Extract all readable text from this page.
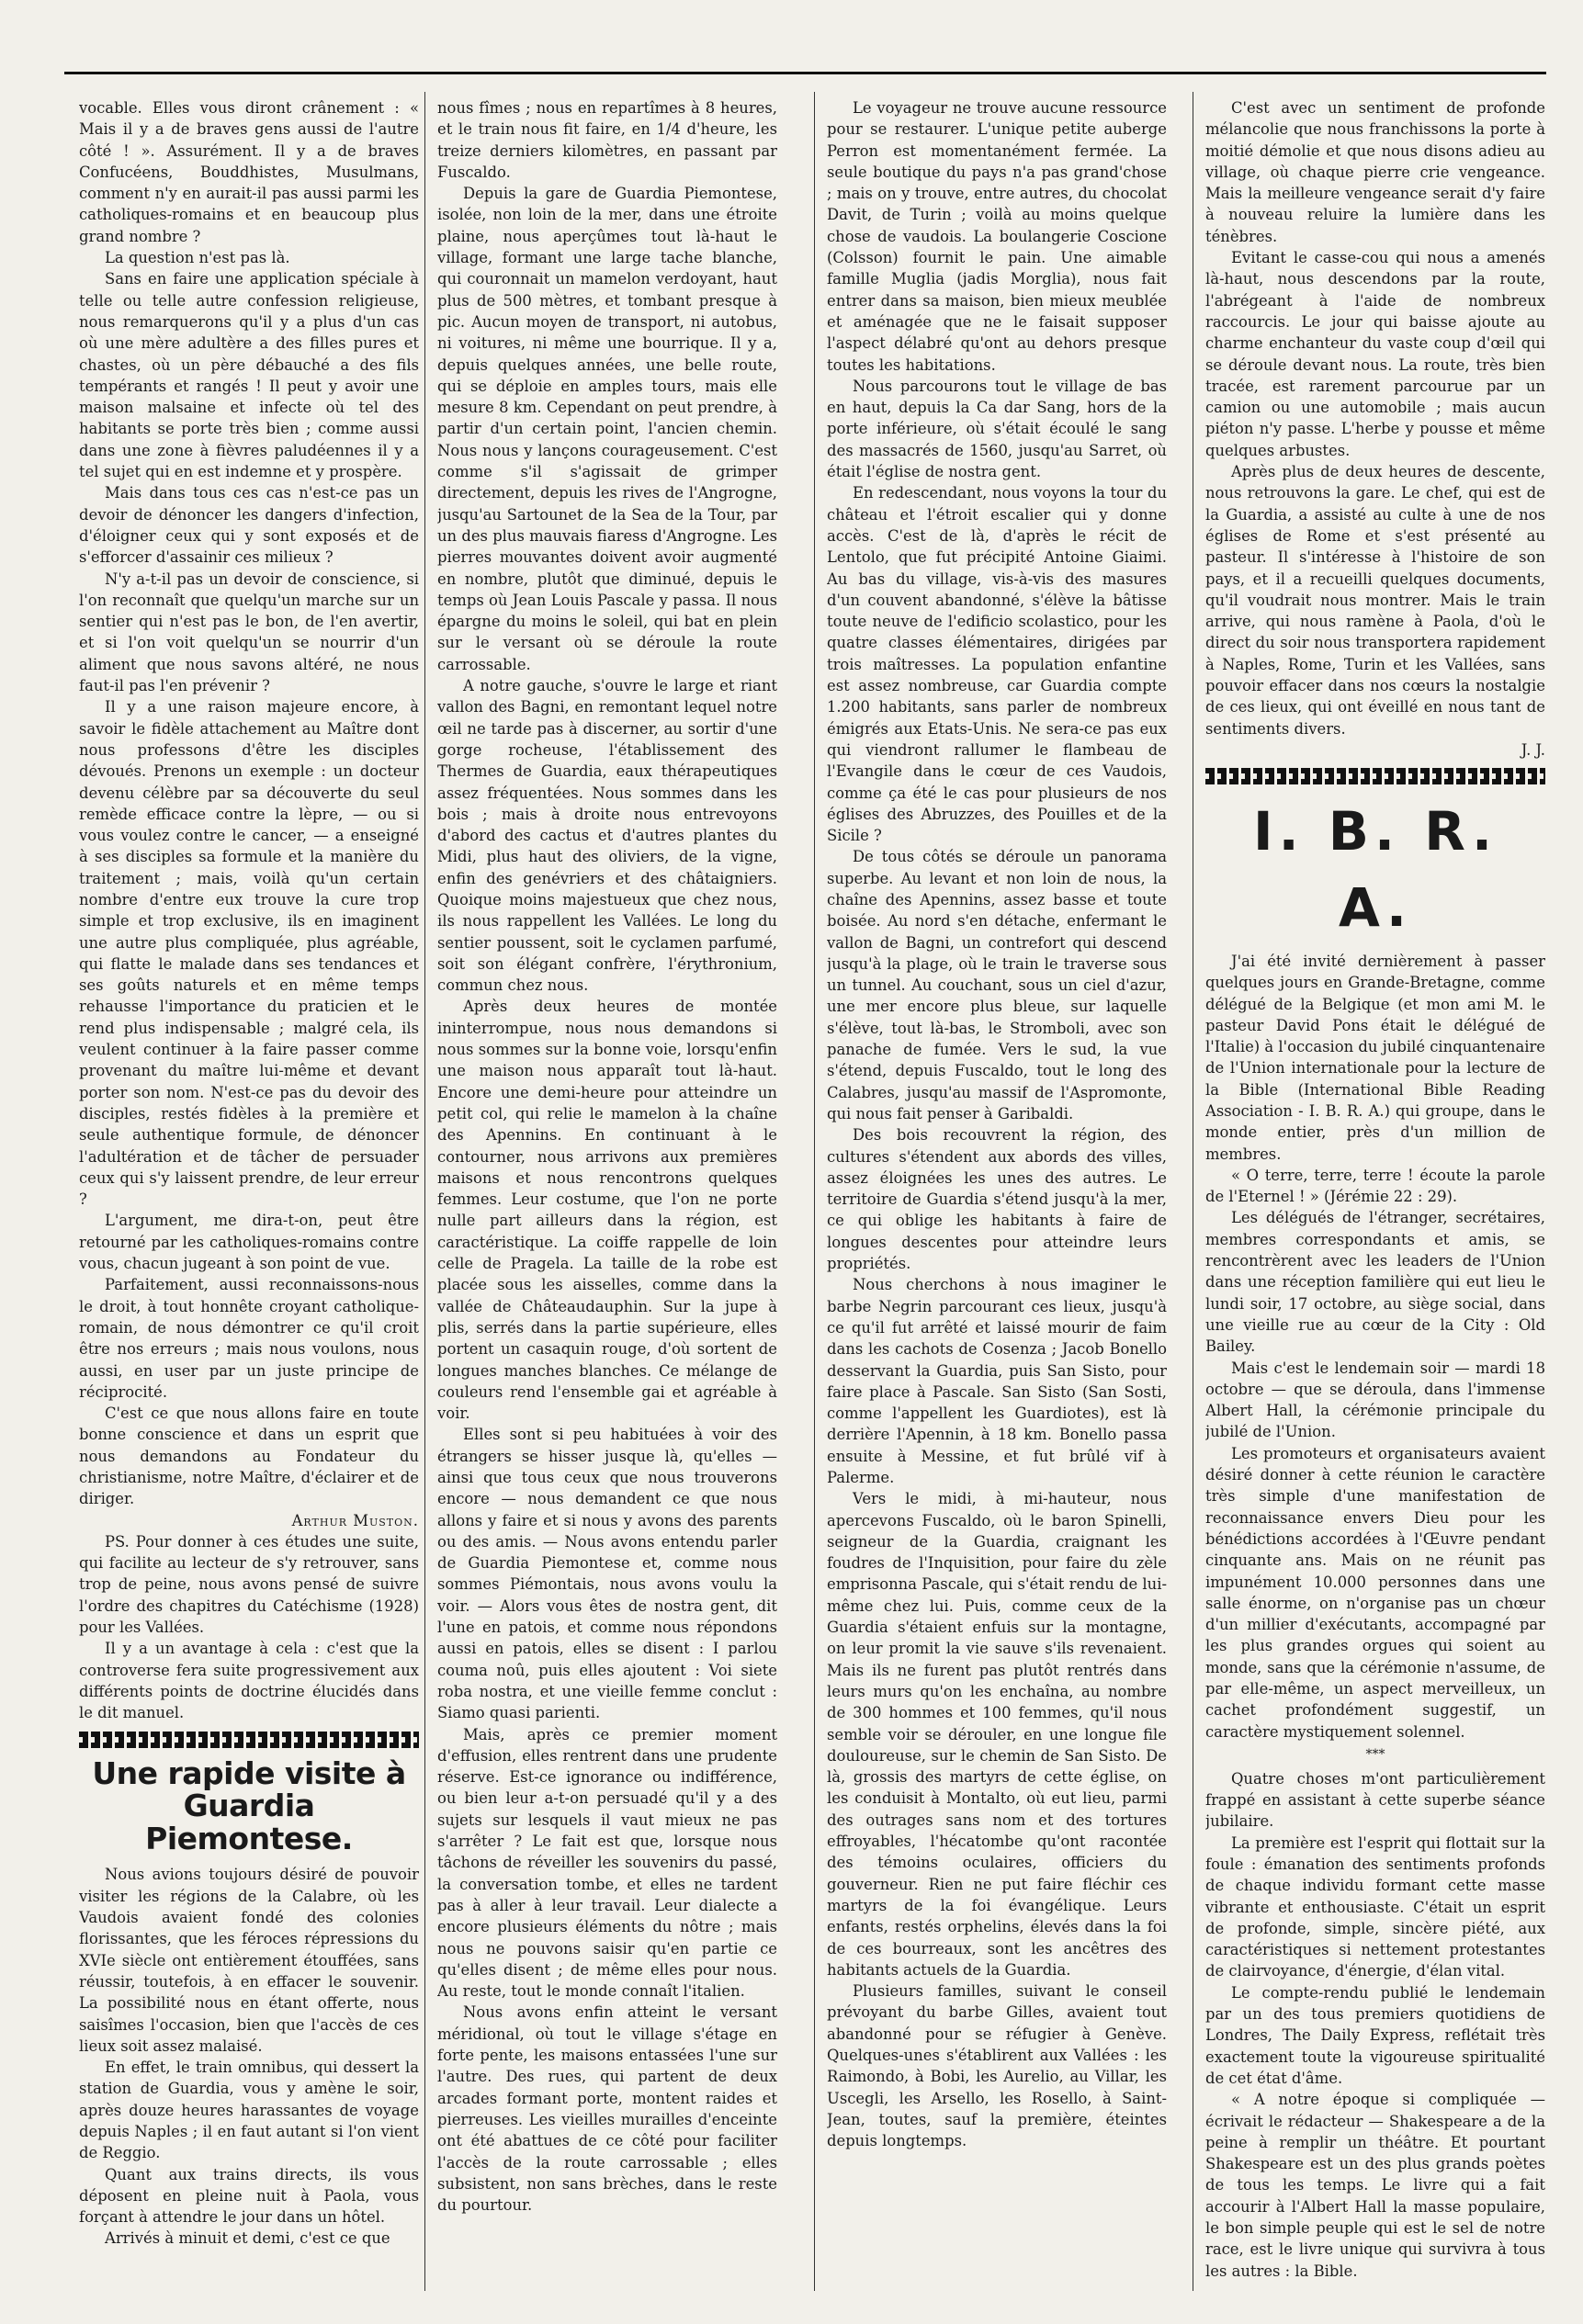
vocable. Elles vous diront crânement : « Mais il y a de braves gens aussi de l'autre côté ! ». Assurément. Il y a de braves Confucéens, Bouddhistes, Musulmans, comment n'y en aurait-il pas aussi parmi les catholiques-romains et en beaucoup plus grand nombre ?

La question n'est pas là.

Sans en faire une application spéciale à telle ou telle autre confession religieuse, nous remarquerons qu'il y a plus d'un cas où une mère adultère a des filles pures et chastes, où un père débauché a des fils tempérants et rangés ! Il peut y avoir une maison malsaine et infecte où tel des habitants se porte très bien ; comme aussi dans une zone à fièvres paludéennes il y a tel sujet qui en est indemne et y prospère.

Mais dans tous ces cas n'est-ce pas un devoir de dénoncer les dangers d'infection, d'éloigner ceux qui y sont exposés et de s'efforcer d'assainir ces milieux ?

N'y a-t-il pas un devoir de conscience, si l'on reconnaît que quelqu'un marche sur un sentier qui n'est pas le bon, de l'en avertir, et si l'on voit quelqu'un se nourrir d'un aliment que nous savons altéré, ne nous faut-il pas l'en prévenir ?

Il y a une raison majeure encore, à savoir le fidèle attachement au Maître dont nous professons d'être les disciples dévoués. Prenons un exemple : un docteur devenu célèbre par sa découverte du seul remède efficace contre la lèpre, — ou si vous voulez contre le cancer, — a enseigné à ses disciples sa formule et la manière du traitement ; mais, voilà qu'un certain nombre d'entre eux trouve la cure trop simple et trop exclusive, ils en imaginent une autre plus compliquée, plus agréable, qui flatte le malade dans ses tendances et ses goûts naturels et en même temps rehausse l'importance du praticien et le rend plus indispensable ; malgré cela, ils veulent continuer à la faire passer comme provenant du maître lui-même et devant porter son nom. N'est-ce pas du devoir des disciples, restés fidèles à la première et seule authentique formule, de dénoncer l'adultération et de tâcher de persuader ceux qui s'y laissent prendre, de leur erreur ?

L'argument, me dira-t-on, peut être retourné par les catholiques-romains contre vous, chacun jugeant à son point de vue.

Parfaitement, aussi reconnaissons-nous le droit, à tout honnête croyant catholique-romain, de nous démontrer ce qu'il croit être nos erreurs ; mais nous voulons, nous aussi, en user par un juste principe de réciprocité.

C'est ce que nous allons faire en toute bonne conscience et dans un esprit que nous demandons au Fondateur du christianisme, notre Maître, d'éclairer et de diriger.

Arthur Muston.

PS. Pour donner à ces études une suite, qui facilite au lecteur de s'y retrouver, sans trop de peine, nous avons pensé de suivre l'ordre des chapitres du Catéchisme (1928) pour les Vallées.

Il y a un avantage à cela : c'est que la controverse fera suite progressivement aux différents points de doctrine élucidés dans le dit manuel.

Une rapide visite à Guardia Piemontese.

Nous avions toujours désiré de pouvoir visiter les régions de la Calabre, où les Vaudois avaient fondé des colonies florissantes, que les féroces répressions du XVIe siècle ont entièrement étouffées, sans réussir, toutefois, à en effacer le souvenir. La possibilité nous en étant offerte, nous saisîmes l'occasion, bien que l'accès de ces lieux soit assez malaisé.

En effet, le train omnibus, qui dessert la station de Guardia, vous y amène le soir, après douze heures harassantes de voyage depuis Naples ; il en faut autant si l'on vient de Reggio.

Quant aux trains directs, ils vous déposent en pleine nuit à Paola, vous forçant à attendre le jour dans un hôtel.

Arrivés à minuit et demi, c'est ce que

nous fîmes ; nous en repartîmes à 8 heures, et le train nous fit faire, en 1/4 d'heure, les treize derniers kilomètres, en passant par Fuscaldo.

Depuis la gare de Guardia Piemontese, isolée, non loin de la mer, dans une étroite plaine, nous aperçûmes tout là-haut le village, formant une large tache blanche, qui couronnait un mamelon verdoyant, haut plus de 500 mètres, et tombant presque à pic. Aucun moyen de transport, ni autobus, ni voitures, ni même une bourrique. Il y a, depuis quelques années, une belle route, qui se déploie en amples tours, mais elle mesure 8 km. Cependant on peut prendre, à partir d'un certain point, l'ancien chemin. Nous nous y lançons courageusement. C'est comme s'il s'agissait de grimper directement, depuis les rives de l'Angrogne, jusqu'au Sartounet de la Sea de la Tour, par un des plus mauvais fiaress d'Angrogne. Les pierres mouvantes doivent avoir augmenté en nombre, plutôt que diminué, depuis le temps où Jean Louis Pascale y passa. Il nous épargne du moins le soleil, qui bat en plein sur le versant où se déroule la route carrossable.

A notre gauche, s'ouvre le large et riant vallon des Bagni, en remontant lequel notre œil ne tarde pas à discerner, au sortir d'une gorge rocheuse, l'établissement des Thermes de Guardia, eaux thérapeutiques assez fréquentées. Nous sommes dans les bois ; mais à droite nous entrevoyons d'abord des cactus et d'autres plantes du Midi, plus haut des oliviers, de la vigne, enfin des genévriers et des châtaigniers. Quoique moins majestueux que chez nous, ils nous rappellent les Vallées. Le long du sentier poussent, soit le cyclamen parfumé, soit son élégant confrère, l'érythronium, commun chez nous.

Après deux heures de montée ininterrompue, nous nous demandons si nous sommes sur la bonne voie, lorsqu'enfin une maison nous apparaît tout là-haut. Encore une demi-heure pour atteindre un petit col, qui relie le mamelon à la chaîne des Apennins. En continuant à le contourner, nous arrivons aux premières maisons et nous rencontrons quelques femmes. Leur costume, que l'on ne porte nulle part ailleurs dans la région, est caractéristique. La coiffe rappelle de loin celle de Pragela. La taille de la robe est placée sous les aisselles, comme dans la vallée de Châteaudauphin. Sur la jupe à plis, serrés dans la partie supérieure, elles portent un casaquin rouge, d'où sortent de longues manches blanches. Ce mélange de couleurs rend l'ensemble gai et agréable à voir.

Elles sont si peu habituées à voir des étrangers se hisser jusque là, qu'elles — ainsi que tous ceux que nous trouverons encore — nous demandent ce que nous allons y faire et si nous y avons des parents ou des amis. — Nous avons entendu parler de Guardia Piemontese et, comme nous sommes Piémontais, nous avons voulu la voir. — Alors vous êtes de nostra gent, dit l'une en patois, et comme nous répondons aussi en patois, elles se disent : I parlou couma noû, puis elles ajoutent : Voi siete roba nostra, et une vieille femme conclut : Siamo quasi parienti.

Mais, après ce premier moment d'effusion, elles rentrent dans une prudente réserve. Est-ce ignorance ou indifférence, ou bien leur a-t-on persuadé qu'il y a des sujets sur lesquels il vaut mieux ne pas s'arrêter ? Le fait est que, lorsque nous tâchons de réveiller les souvenirs du passé, la conversation tombe, et elles ne tardent pas à aller à leur travail. Leur dialecte a encore plusieurs éléments du nôtre ; mais nous ne pouvons saisir qu'en partie ce qu'elles disent ; de même elles pour nous. Au reste, tout le monde connaît l'italien.

Nous avons enfin atteint le versant méridional, où tout le village s'étage en forte pente, les maisons entassées l'une sur l'autre. Des rues, qui partent de deux arcades formant porte, montent raides et pierreuses. Les vieilles murailles d'enceinte ont été abattues de ce côté pour faciliter l'accès de la route carrossable ; elles subsistent, non sans brèches, dans le reste du pourtour.

Le voyageur ne trouve aucune ressource pour se restaurer. L'unique petite auberge Perron est momentanément fermée. La seule boutique du pays n'a pas grand'chose ; mais on y trouve, entre autres, du chocolat Davit, de Turin ; voilà au moins quelque chose de vaudois. La boulangerie Coscione (Colsson) fournit le pain. Une aimable famille Muglia (jadis Morglia), nous fait entrer dans sa maison, bien mieux meublée et aménagée que ne le faisait supposer l'aspect délabré qu'ont au dehors presque toutes les habitations.

Nous parcourons tout le village de bas en haut, depuis la Ca dar Sang, hors de la porte inférieure, où s'était écoulé le sang des massacrés de 1560, jusqu'au Sarret, où était l'église de nostra gent.

En redescendant, nous voyons la tour du château et l'étroit escalier qui y donne accès. C'est de là, d'après le récit de Lentolo, que fut précipité Antoine Giaimi. Au bas du village, vis-à-vis des masures d'un couvent abandonné, s'élève la bâtisse toute neuve de l'edificio scolastico, pour les quatre classes élémentaires, dirigées par trois maîtresses. La population enfantine est assez nombreuse, car Guardia compte 1.200 habitants, sans parler de nombreux émigrés aux Etats-Unis. Ne sera-ce pas eux qui viendront rallumer le flambeau de l'Evangile dans le cœur de ces Vaudois, comme ça été le cas pour plusieurs de nos églises des Abruzzes, des Pouilles et de la Sicile ?

De tous côtés se déroule un panorama superbe. Au levant et non loin de nous, la chaîne des Apennins, assez basse et toute boisée. Au nord s'en détache, enfermant le vallon de Bagni, un contrefort qui descend jusqu'à la plage, où le train le traverse sous un tunnel. Au couchant, sous un ciel d'azur, une mer encore plus bleue, sur laquelle s'élève, tout là-bas, le Stromboli, avec son panache de fumée. Vers le sud, la vue s'étend, depuis Fuscaldo, tout le long des Calabres, jusqu'au massif de l'Aspromonte, qui nous fait penser à Garibaldi.

Des bois recouvrent la région, des cultures s'étendent aux abords des villes, assez éloignées les unes des autres. Le territoire de Guardia s'étend jusqu'à la mer, ce qui oblige les habitants à faire de longues descentes pour atteindre leurs propriétés.

Nous cherchons à nous imaginer le barbe Negrin parcourant ces lieux, jusqu'à ce qu'il fut arrêté et laissé mourir de faim dans les cachots de Cosenza ; Jacob Bonello desservant la Guardia, puis San Sisto, pour faire place à Pascale. San Sisto (San Sosti, comme l'appellent les Guardiotes), est là derrière l'Apennin, à 18 km. Bonello passa ensuite à Messine, et fut brûlé vif à Palerme.

Vers le midi, à mi-hauteur, nous apercevons Fuscaldo, où le baron Spinelli, seigneur de la Guardia, craignant les foudres de l'Inquisition, pour faire du zèle emprisonna Pascale, qui s'était rendu de lui-même chez lui. Puis, comme ceux de la Guardia s'étaient enfuis sur la montagne, on leur promit la vie sauve s'ils revenaient. Mais ils ne furent pas plutôt rentrés dans leurs murs qu'on les enchaîna, au nombre de 300 hommes et 100 femmes, qu'il nous semble voir se dérouler, en une longue file douloureuse, sur le chemin de San Sisto. De là, grossis des martyrs de cette église, on les conduisit à Montalto, où eut lieu, parmi des outrages sans nom et des tortures effroyables, l'hécatombe qu'ont racontée des témoins oculaires, officiers du gouverneur. Rien ne put faire fléchir ces martyrs de la foi évangélique. Leurs enfants, restés orphelins, élevés dans la foi de ces bourreaux, sont les ancêtres des habitants actuels de la Guardia.

Plusieurs familles, suivant le conseil prévoyant du barbe Gilles, avaient tout abandonné pour se réfugier à Genève. Quelques-unes s'établirent aux Vallées : les Raimondo, à Bobi, les Aurelio, au Villar, les Uscegli, les Arsello, les Rosello, à Saint-Jean, toutes, sauf la première, éteintes depuis longtemps.

C'est avec un sentiment de profonde mélancolie que nous franchissons la porte à moitié démolie et que nous disons adieu au village, où chaque pierre crie vengeance. Mais la meilleure vengeance serait d'y faire à nouveau reluire la lumière dans les ténèbres.

Evitant le casse-cou qui nous a amenés là-haut, nous descendons par la route, l'abrégeant à l'aide de nombreux raccourcis. Le jour qui baisse ajoute au charme enchanteur du vaste coup d'œil qui se déroule devant nous. La route, très bien tracée, est rarement parcourue par un camion ou une automobile ; mais aucun piéton n'y passe. L'herbe y pousse et même quelques arbustes.

Après plus de deux heures de descente, nous retrouvons la gare. Le chef, qui est de la Guardia, a assisté au culte à une de nos églises de Rome et s'est présenté au pasteur. Il s'intéresse à l'histoire de son pays, et il a recueilli quelques documents, qu'il voudrait nous montrer. Mais le train arrive, qui nous ramène à Paola, d'où le direct du soir nous transportera rapidement à Naples, Rome, Turin et les Vallées, sans pouvoir effacer dans nos cœurs la nostalgie de ces lieux, qui ont éveillé en nous tant de sentiments divers.

J. J.

I. B. R. A.

J'ai été invité dernièrement à passer quelques jours en Grande-Bretagne, comme délégué de la Belgique (et mon ami M. le pasteur David Pons était le délégué de l'Italie) à l'occasion du jubilé cinquantenaire de l'Union internationale pour la lecture de la Bible (International Bible Reading Association - I. B. R. A.) qui groupe, dans le monde entier, près d'un million de membres.

« O terre, terre, terre ! écoute la parole de l'Eternel ! » (Jérémie 22 : 29).

Les délégués de l'étranger, secrétaires, membres correspondants et amis, se rencontrèrent avec les leaders de l'Union dans une réception familière qui eut lieu le lundi soir, 17 octobre, au siège social, dans une vieille rue au cœur de la City : Old Bailey.

Mais c'est le lendemain soir — mardi 18 octobre — que se déroula, dans l'immense Albert Hall, la cérémonie principale du jubilé de l'Union.

Les promoteurs et organisateurs avaient désiré donner à cette réunion le caractère très simple d'une manifestation de reconnaissance envers Dieu pour les bénédictions accordées à l'Œuvre pendant cinquante ans. Mais on ne réunit pas impunément 10.000 personnes dans une salle énorme, on n'organise pas un chœur d'un millier d'exécutants, accompagné par les plus grandes orgues qui soient au monde, sans que la cérémonie n'assume, de par elle-même, un aspect merveilleux, un cachet profondément suggestif, un caractère mystiquement solennel.

***

Quatre choses m'ont particulièrement frappé en assistant à cette superbe séance jubilaire.

La première est l'esprit qui flottait sur la foule : émanation des sentiments profonds de chaque individu formant cette masse vibrante et enthousiaste. C'était un esprit de profonde, simple, sincère piété, aux caractéristiques si nettement protestantes de clairvoyance, d'énergie, d'élan vital.

Le compte-rendu publié le lendemain par un des tous premiers quotidiens de Londres, The Daily Express, reflétait très exactement toute la vigoureuse spiritualité de cet état d'âme.

« A notre époque si compliquée — écrivait le rédacteur — Shakespeare a de la peine à remplir un théâtre. Et pourtant Shakespeare est un des plus grands poètes de tous les temps. Le livre qui a fait accourir à l'Albert Hall la masse populaire, le bon simple peuple qui est le sel de notre race, est le livre unique qui survivra à tous les autres : la Bible.
